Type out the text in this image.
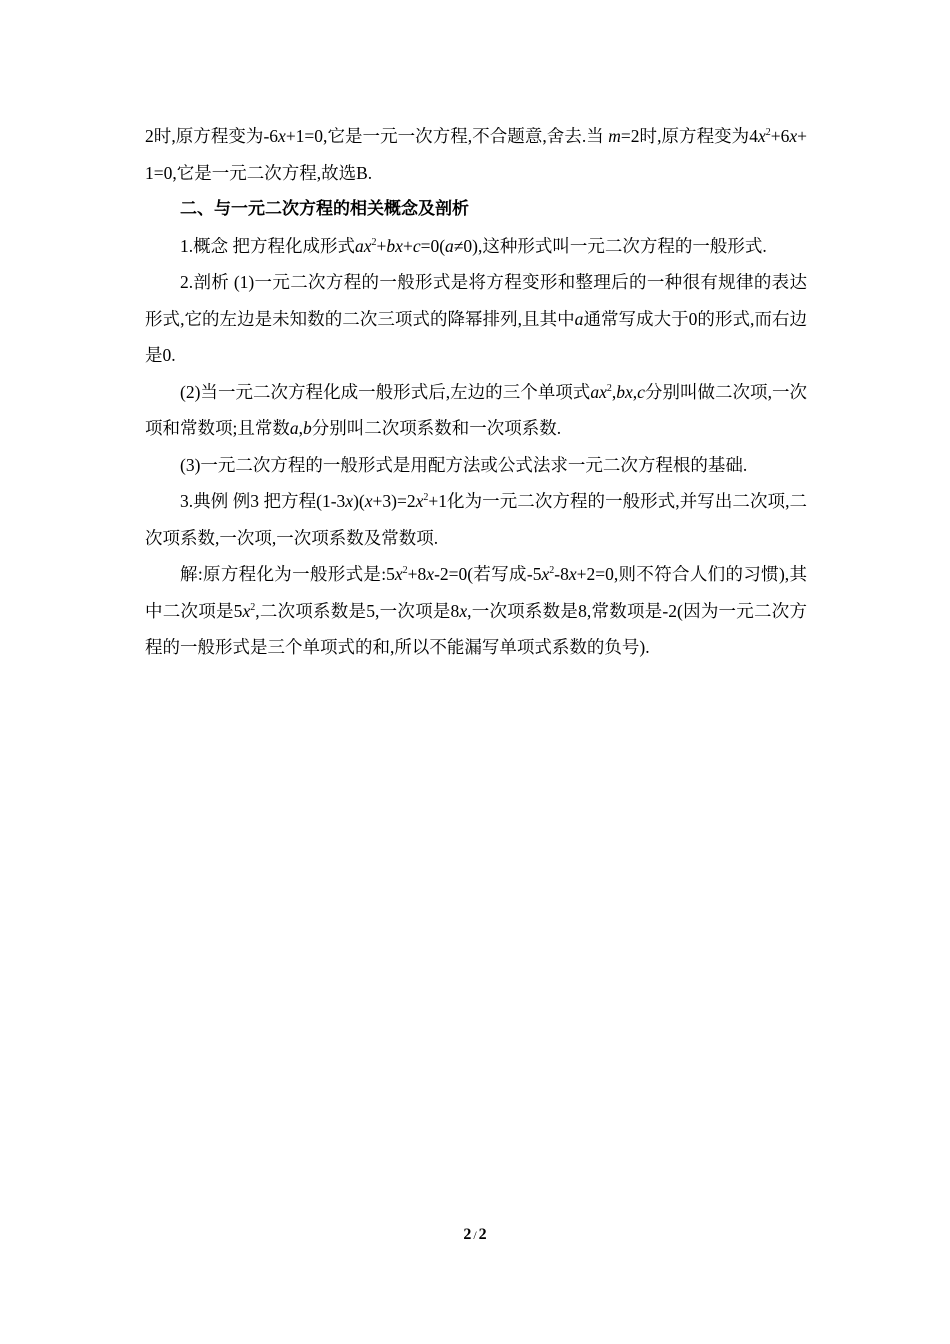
2时,原方程变为-6x+1=0,它是一元一次方程,不合题意,舍去.当 m=2时,原方程变为$4x^2+6x+1=0$,它是一元二次方程,故选B.

二、与一元二次方程的相关概念及剖析

1.概念 把方程化成形式$ax^2+bx+c=0(a\ne 0)$,这种形式叫一元二次方程的一般形式.

2.剖析 (1)一元二次方程的一般形式是将方程变形和整理后的一种很有规律的表达形式,它的左边是未知数的二次三项式的降幂排列,且其中a通常写成大于0的形式,而右边是0.

(2)当一元二次方程化成一般形式后,左边的三个单项式$ax^2,bx,c$分别叫做二次项,一次项和常数项;且常数a,b分别叫二次项系数和一次项系数.

(3)一元二次方程的一般形式是用配方法或公式法求一元二次方程根的基础.

3.典例 例3 把方程$(1-3x)(x+3)=2x^2+1$化为一元二次方程的一般形式,并写出二次项,二次项系数,一次项,一次项系数及常数项.

解:原方程化为一般形式是$:5x^2+8x-2=0$(若写成$-5x^2-8x+2=0$,则不符合人们的习惯),其中二次项是$5x^2$,二次项系数是5,一次项是8x,一次项系数是8,常数项是-2(因为一元二次方程的一般形式是三个单项式的和,所以不能漏写单项式系数的负号).

2 / 2
